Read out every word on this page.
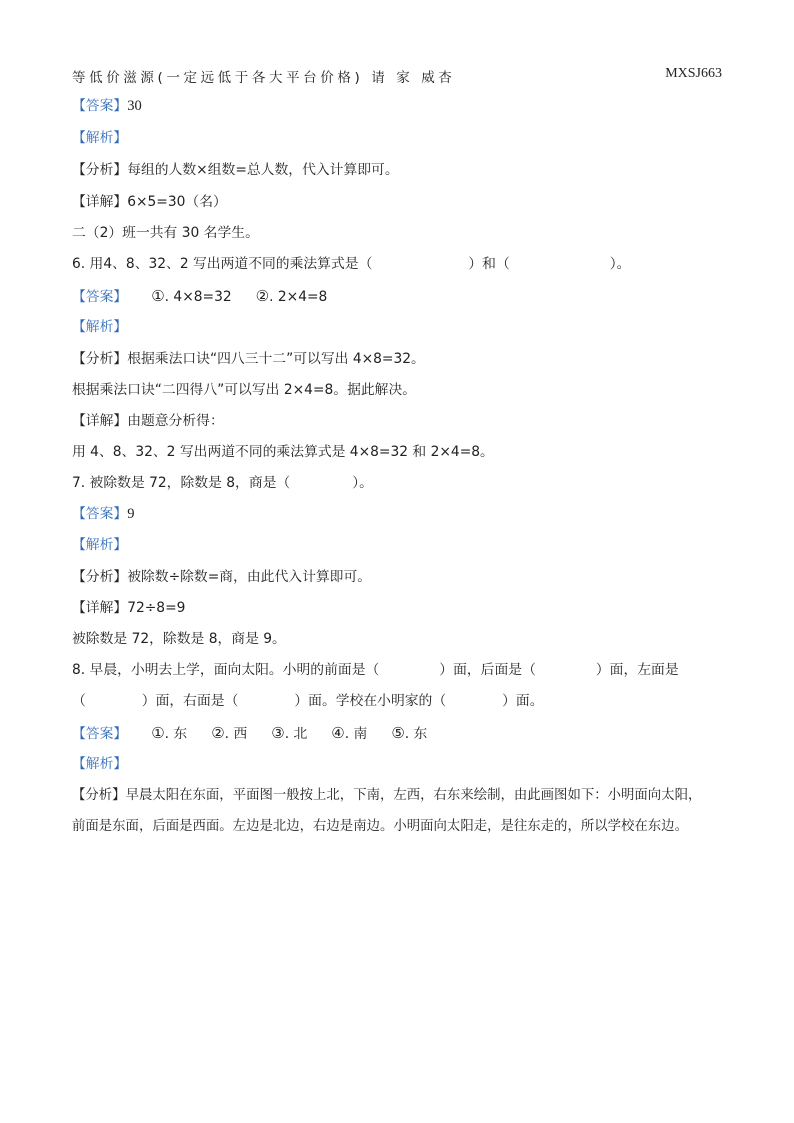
等低价滋源(一定远低于各大平台价格) 请 家 威杏	MXSJ663
【答案】30
【解析】
【分析】每组的人数×组数=总人数，代入计算即可。
【详解】6×5=30（名）
二（2）班一共有 30 名学生。
6. 用4、8、32、2 写出两道不同的乘法算式是（	）和（	）。
【答案】 ①. 4×8=32 ②. 2×4=8
【解析】
【分析】根据乘法口诀“四八三十二”可以写出 4×8=32。
根据乘法口诀“二四得八”可以写出 2×4=8。据此解决。
【详解】由题意分析得：
用 4、8、32、2 写出两道不同的乘法算式是 4×8=32 和 2×4=8。
7. 被除数是 72，除数是 8，商是（	）。
【答案】9
【解析】
【分析】被除数÷除数=商，由此代入计算即可。
【详解】72÷8=9
被除数是 72，除数是 8，商是 9。
8. 早晨，小明去上学，面向太阳。小明的前面是（	）面，后面是（	）面，左面是
（	）面，右面是（	）面。学校在小明家的（	）面。
【答案】 ①. 东 ②. 西 ③. 北 ④. 南 ⑤. 东
【解析】
【分析】早晨太阳在东面，平面图一般按上北，下南，左西，右东来绘制，由此画图如下：小明面向太阳，
前面是东面，后面是西面。左边是北边，右边是南边。小明面向太阳走，是往东走的，所以学校在东边。
